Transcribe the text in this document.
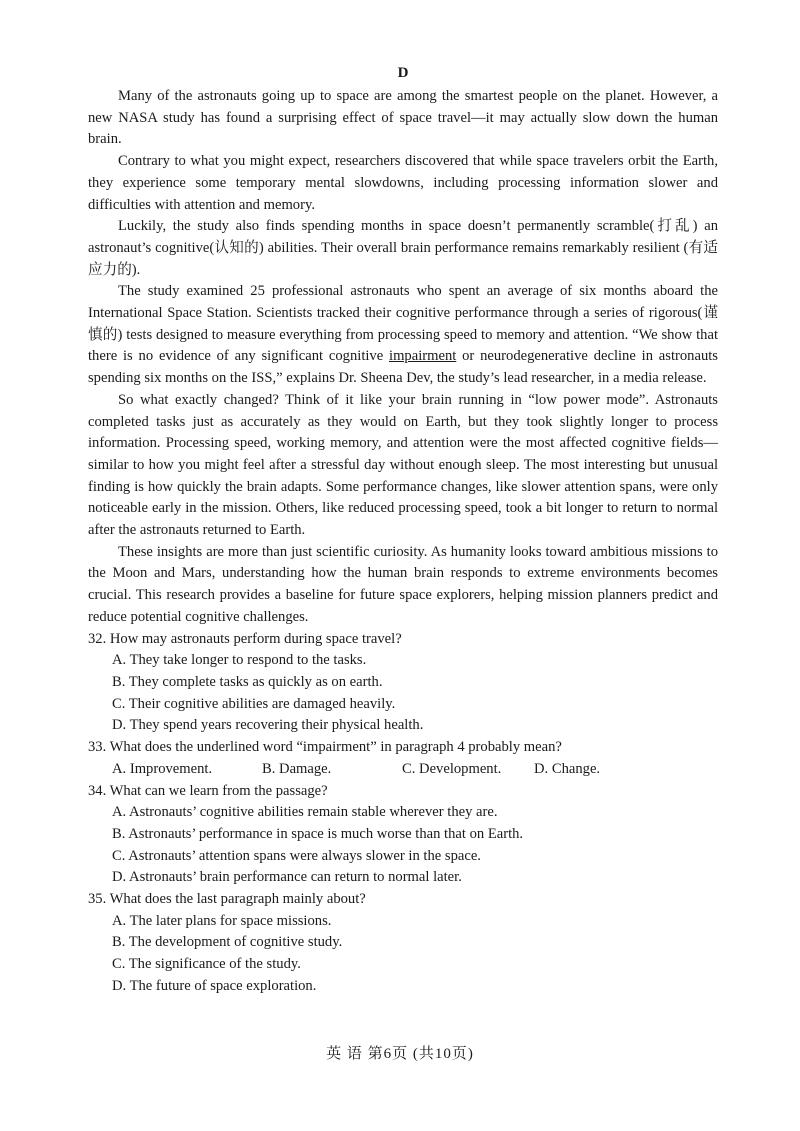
D

Many of the astronauts going up to space are among the smartest people on the planet. However, a new NASA study has found a surprising effect of space travel—it may actually slow down the human brain.

Contrary to what you might expect, researchers discovered that while space travelers orbit the Earth, they experience some temporary mental slowdowns, including processing information slower and difficulties with attention and memory.

Luckily, the study also finds spending months in space doesn’t permanently scramble(打乱) an astronaut’s cognitive(认知的) abilities. Their overall brain performance remains remarkably resilient (有适应力的).

The study examined 25 professional astronauts who spent an average of six months aboard the International Space Station. Scientists tracked their cognitive performance through a series of rigorous(谨慎的) tests designed to measure everything from processing speed to memory and attention. “We show that there is no evidence of any significant cognitive impairment or neurodegenerative decline in astronauts spending six months on the ISS,” explains Dr. Sheena Dev, the study’s lead researcher, in a media release.

So what exactly changed? Think of it like your brain running in “low power mode”. Astronauts completed tasks just as accurately as they would on Earth, but they took slightly longer to process information. Processing speed, working memory, and attention were the most affected cognitive fields—similar to how you might feel after a stressful day without enough sleep. The most interesting but unusual finding is how quickly the brain adapts. Some performance changes, like slower attention spans, were only noticeable early in the mission. Others, like reduced processing speed, took a bit longer to return to normal after the astronauts returned to Earth.

These insights are more than just scientific curiosity. As humanity looks toward ambitious missions to the Moon and Mars, understanding how the human brain responds to extreme environments becomes crucial. This research provides a baseline for future space explorers, helping mission planners predict and reduce potential cognitive challenges.

32. How may astronauts perform during space travel?

A. They take longer to respond to the tasks.
B. They complete tasks as quickly as on earth.
C. Their cognitive abilities are damaged heavily.
D. They spend years recovering their physical health.

33. What does the underlined word “impairment” in paragraph 4 probably mean?

A. Improvement.	B. Damage.	C. Development.	D. Change.

34. What can we learn from the passage?

A. Astronauts’ cognitive abilities remain stable wherever they are.
B. Astronauts’ performance in space is much worse than that on Earth.
C. Astronauts’ attention spans were always slower in the space.
D. Astronauts’ brain performance can return to normal later.

35. What does the last paragraph mainly about?

A. The later plans for space missions.
B. The development of cognitive study.
C. The significance of the study.
D. The future of space exploration.
英 语 第6页 (共10页)
